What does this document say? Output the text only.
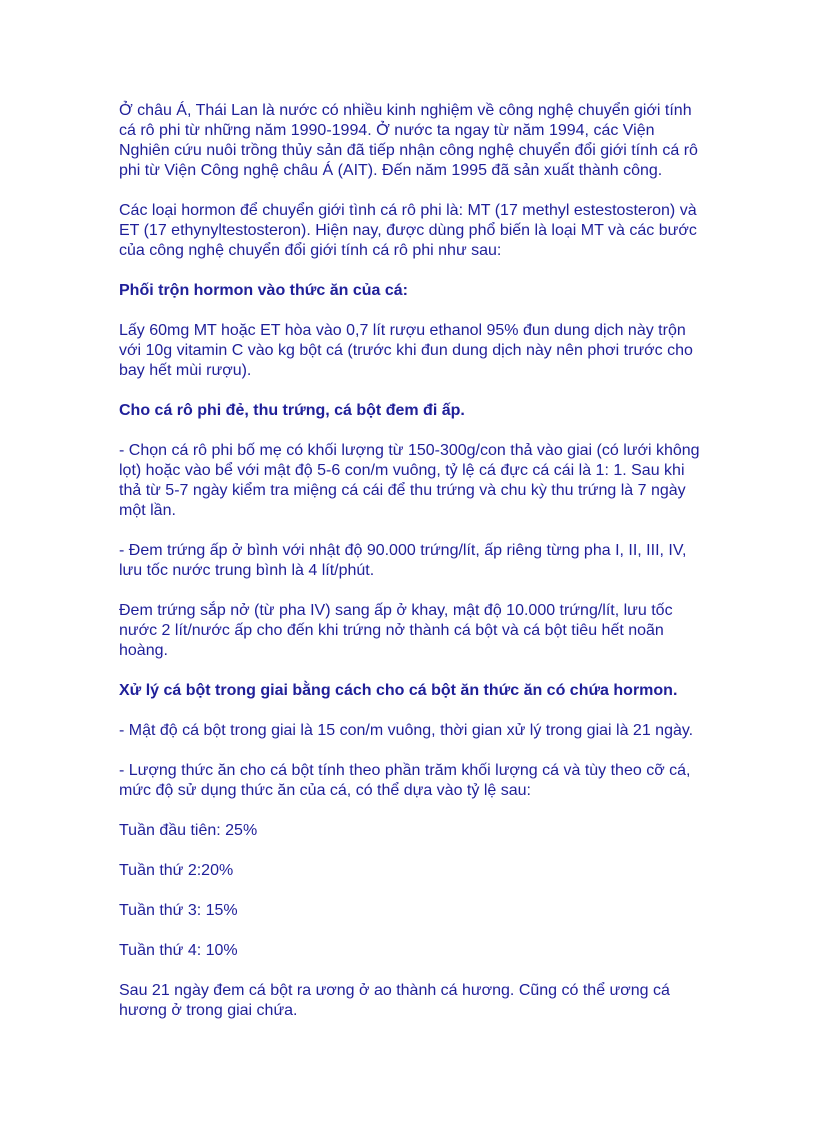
Ở châu Á, Thái Lan là nước có nhiều kinh nghiệm về công nghệ chuyển giới tính cá rô phi từ những năm 1990-1994. Ở nước ta ngay từ năm 1994, các Viện Nghiên cứu nuôi trồng thủy sản đã tiếp nhận công nghệ chuyển đổi giới tính cá rô phi từ Viện Công nghệ châu Á (AIT). Đến năm 1995 đã sản xuất thành công.

Các loại hormon để chuyển giới tình cá rô phi là: MT (17 methyl estestosteron) và ET (17 ethynyltestosteron). Hiện nay, được dùng phổ biến là loại MT và các bước của công nghệ chuyển đổi giới tính cá rô phi như sau:

Phối trộn hormon vào thức ăn của cá:

Lấy 60mg MT hoặc ET hòa vào 0,7 lít rượu ethanol 95% đun dung dịch này trộn với 10g vitamin C vào kg bột cá (trước khi đun dung dịch này nên phơi trước cho bay hết mùi rượu).

Cho cá rô phi đẻ, thu trứng, cá bột đem đi ấp.

- Chọn cá rô phi bố mẹ có khối lượng từ 150-300g/con thả vào giai (có lưới không lọt) hoặc vào bể với mật độ 5-6 con/m vuông, tỷ lệ cá đực cá cái là 1: 1. Sau khi thả từ 5-7 ngày kiểm tra miệng cá cái để thu trứng và chu kỳ thu trứng là 7 ngày một lần.

- Đem trứng ấp ở bình với nhật độ 90.000 trứng/lít, ấp riêng từng pha I, II, III, IV, lưu tốc nước trung bình là 4 lít/phút.

Đem trứng sắp nở (từ pha IV) sang ấp ở khay, mật độ 10.000 trứng/lít, lưu tốc nước 2 lít/nước ấp cho đến khi trứng nở thành cá bột và cá bột tiêu hết noãn hoàng.

Xử lý cá bột trong giai bằng cách cho cá bột ăn thức ăn có chứa hormon.

- Mật độ cá bột trong giai là 15 con/m vuông, thời gian xử lý trong giai là 21 ngày.

- Lượng thức ăn cho cá bột tính theo phần trăm khối lượng cá và tùy theo cỡ cá, mức độ sử dụng thức ăn của cá, có thể dựa vào tỷ lệ sau:

Tuần đầu tiên: 25%

Tuần thứ 2:20%

Tuần thứ 3: 15%

Tuần thứ 4: 10%

Sau 21 ngày đem cá bột ra ương ở ao thành cá hương. Cũng có thể ương cá hương ở trong giai chứa.
